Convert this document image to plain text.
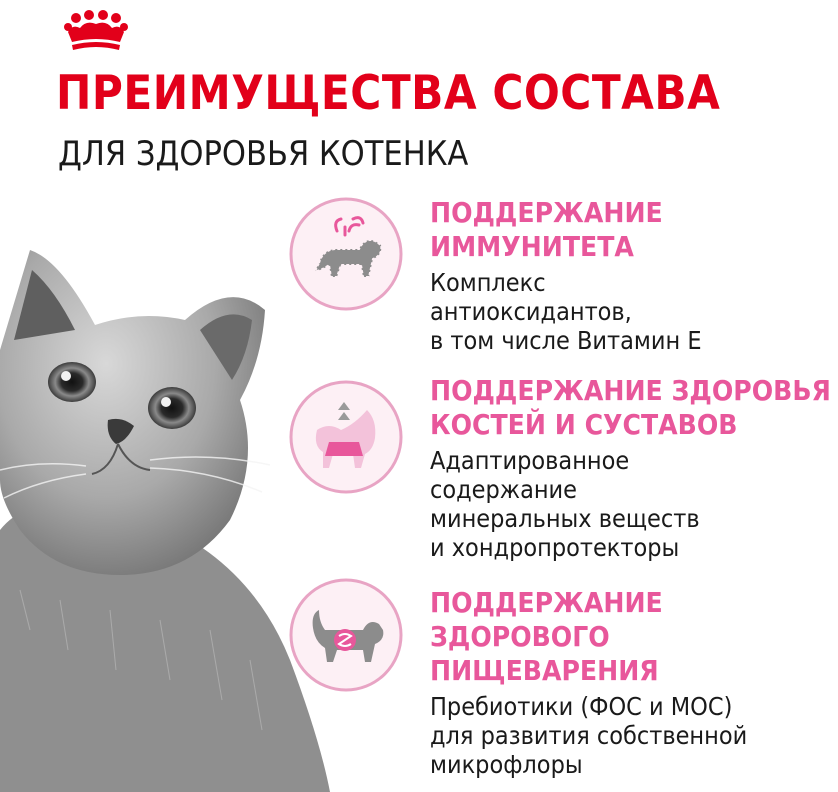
ПРЕИМУЩЕСТВА СОСТАВА
ДЛЯ ЗДОРОВЬЯ КОТЕНКА
ПОДДЕРЖАНИЕ
ИММУНИТЕТА
Комплекс
антиоксидантов,
в том числе Витамин Е
ПОДДЕРЖАНИЕ ЗДОРОВЬЯ
КОСТЕЙ И СУСТАВОВ
Адаптированное
содержание
минеральных веществ
и хондропротекторы
ПОДДЕРЖАНИЕ
ЗДОРОВОГО
ПИЩЕВАРЕНИЯ
Пребиотики (ФОС и МОС)
для развития собственной
микрофлоры
